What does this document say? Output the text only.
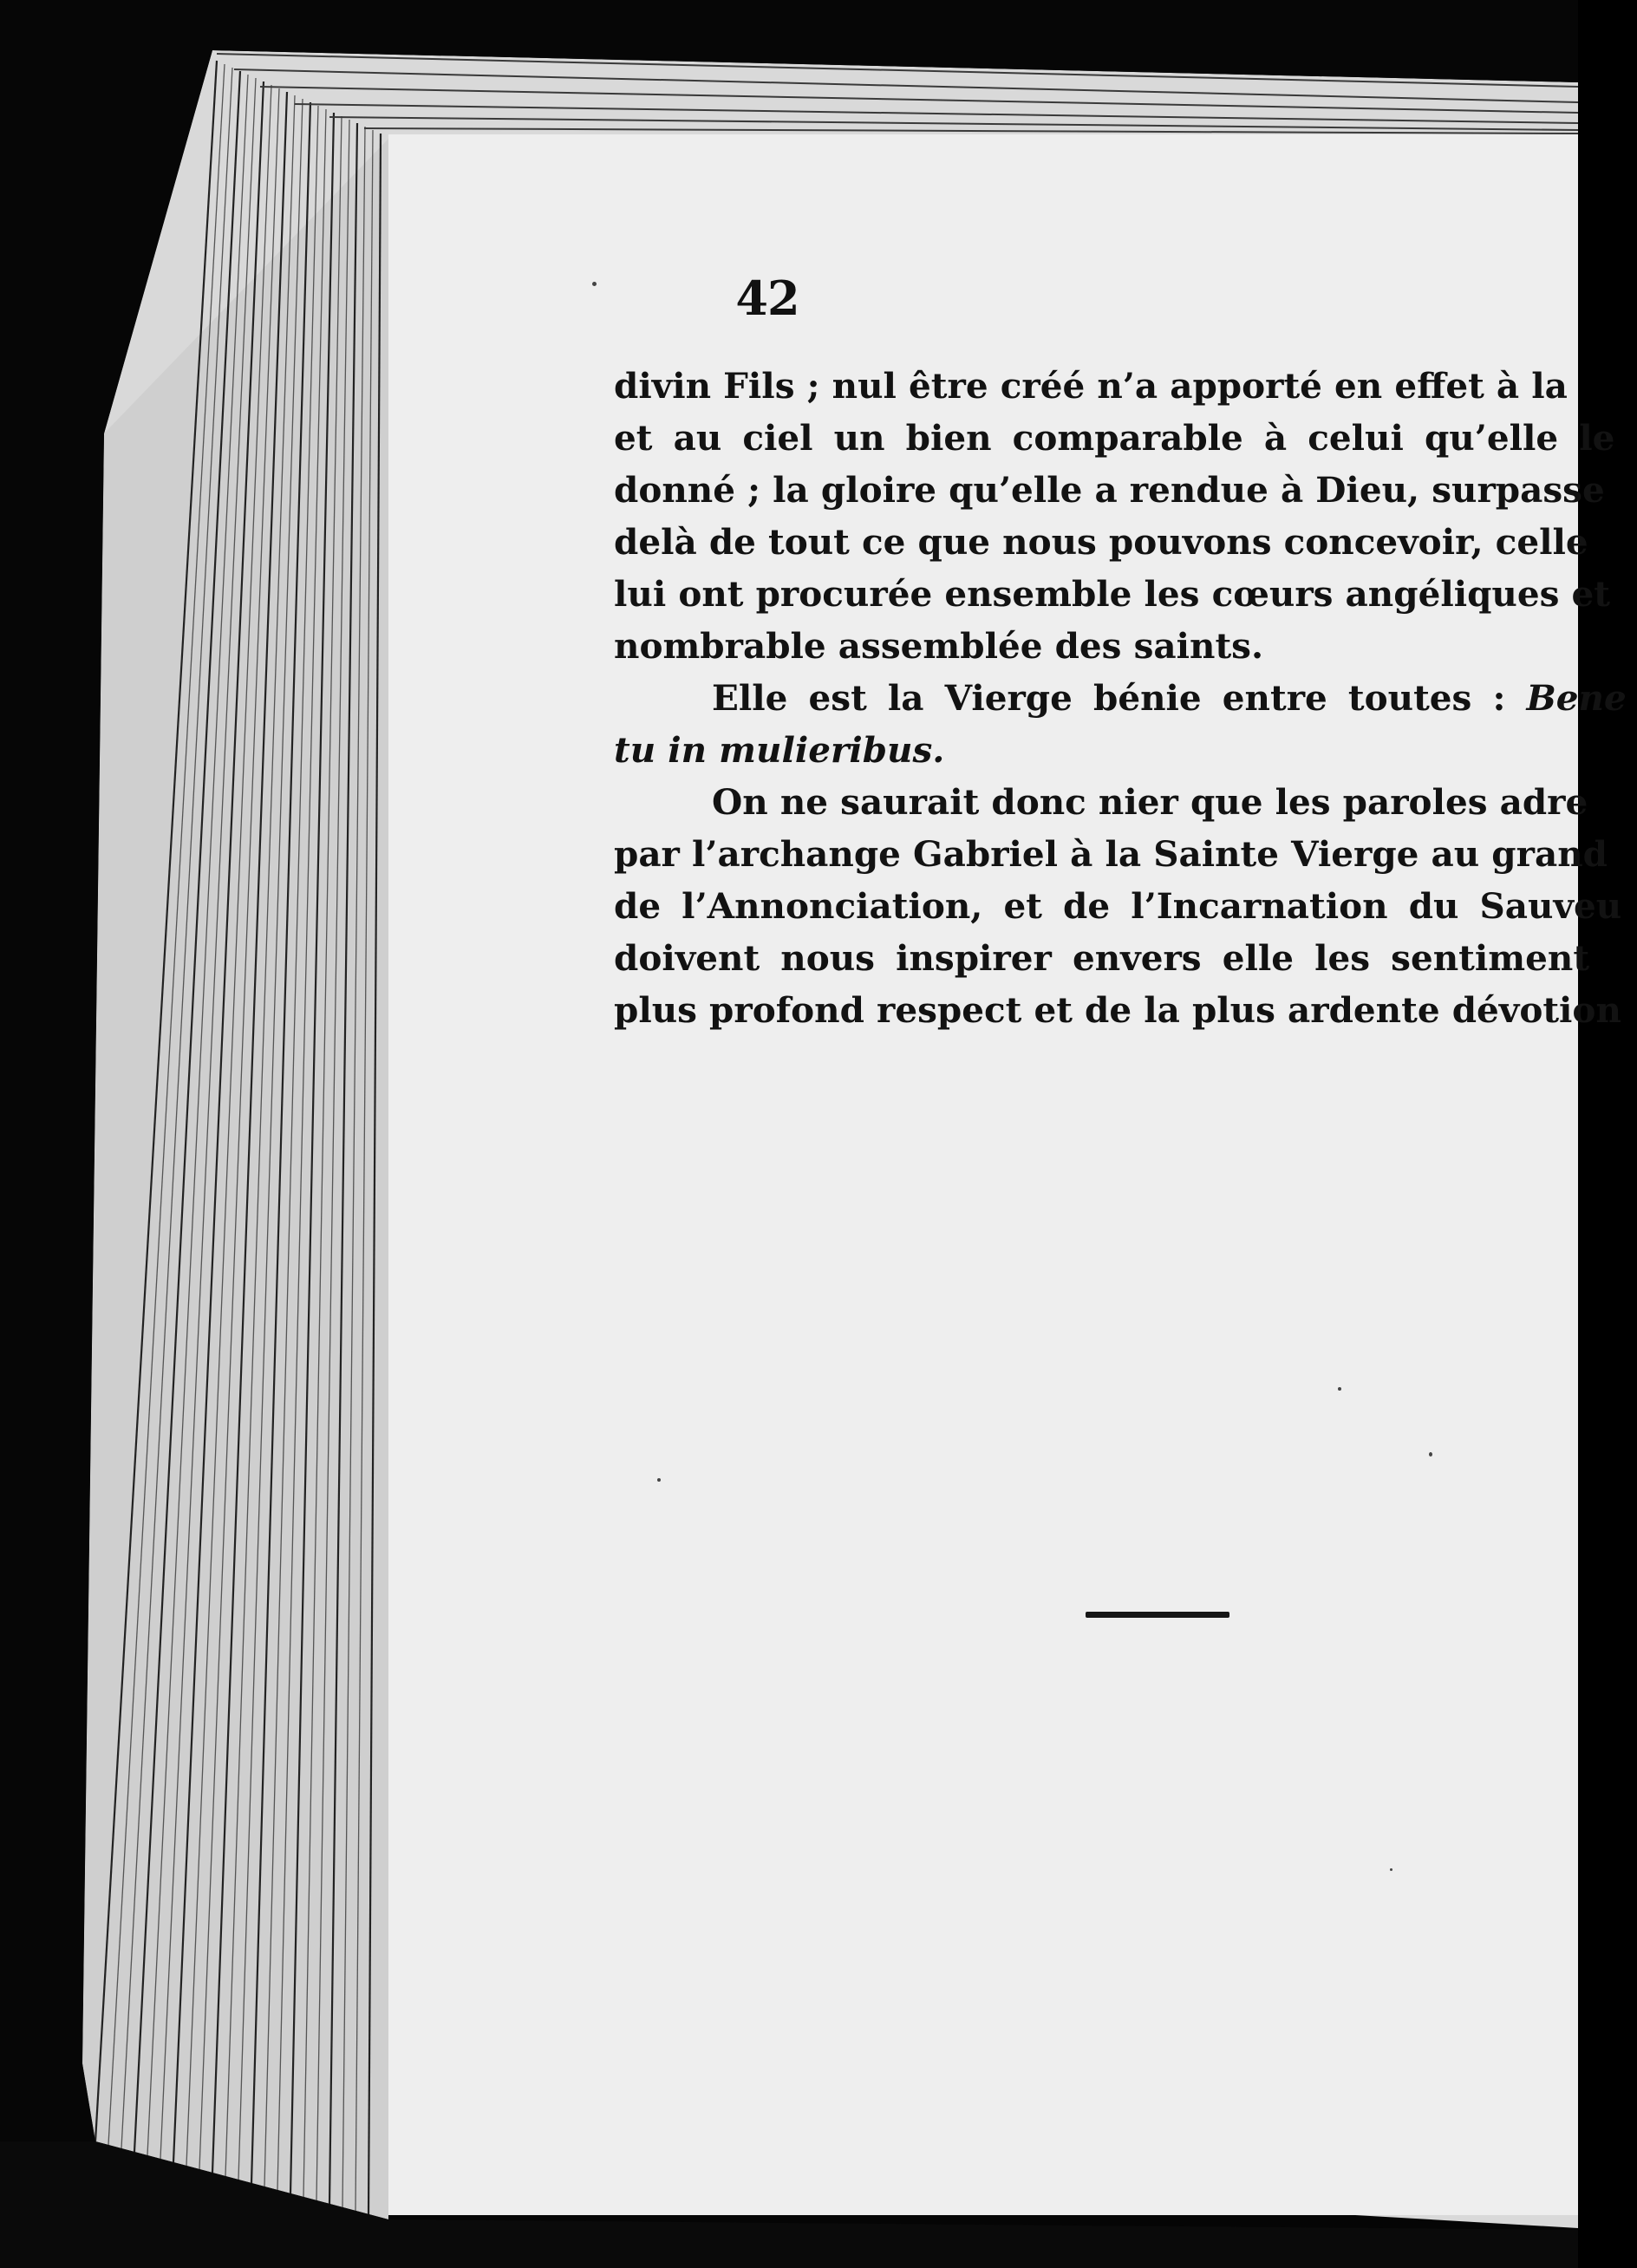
42
divin Fils ; nul être créé n’a apporté en effet à la
et au ciel un bien comparable à celui qu’elle le
donné ; la gloire qu’elle a rendue à Dieu, surpasse
delà de tout ce que nous pouvons concevoir, celle
lui ont procurée ensemble les cœurs angéliques et
nombrable assemblée des saints.
Elle est la Vierge bénie entre toutes : Bene
tu in mulieribus.
On ne saurait donc nier que les paroles adre
par l’archange Gabriel à la Sainte Vierge au grand
de l’Annonciation, et de l’Incarnation du Sauveu
doivent nous inspirer envers elle les sentiment
plus profond respect et de la plus ardente dévotion
